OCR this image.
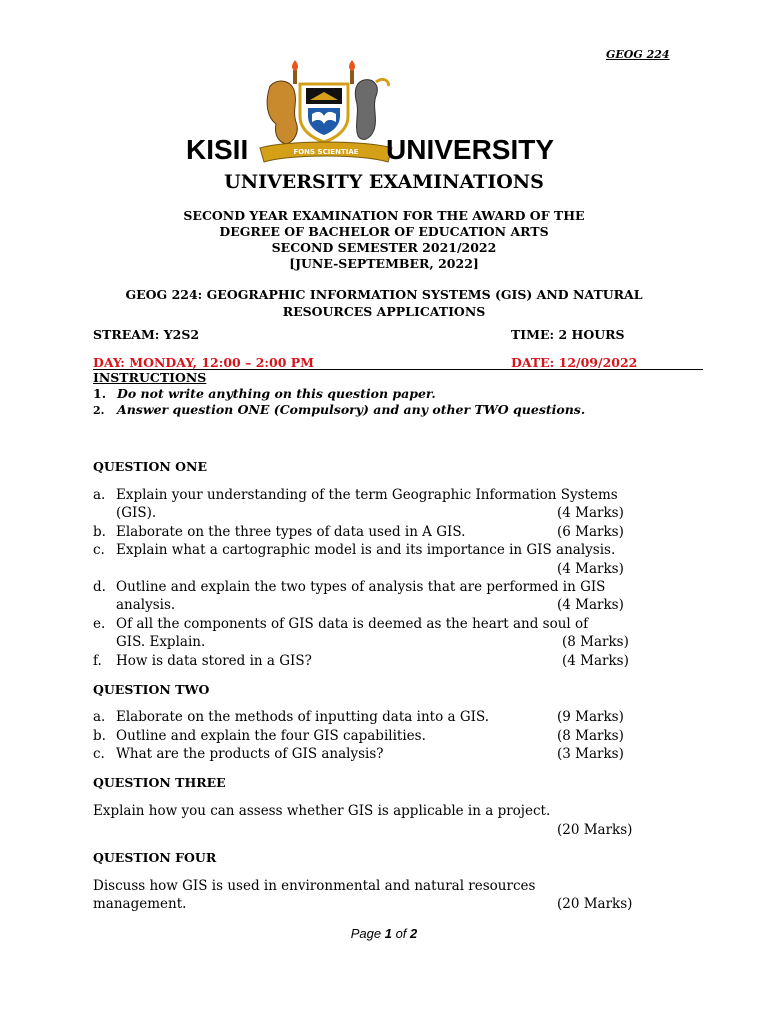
GEOG 224
FONS SCIENTIAE
KISII	UNIVERSITY
UNIVERSITY EXAMINATIONS
SECOND YEAR EXAMINATION FOR THE AWARD OF THE
DEGREE OF BACHELOR OF EDUCATION ARTS
SECOND SEMESTER 2021/2022
[JUNE-SEPTEMBER, 2022]
GEOG 224: GEOGRAPHIC INFORMATION SYSTEMS (GIS) AND NATURAL
RESOURCES APPLICATIONS
STREAM: Y2S2	TIME: 2 HOURS
DAY: MONDAY, 12:00 – 2:00 PM	DATE: 12/09/2022
INSTRUCTIONS
1. Do not write anything on this question paper.
2. Answer question ONE (Compulsory) and any other TWO questions.
QUESTION ONE
a. Explain your understanding of the term Geographic Information Systems
(GIS).	(4 Marks)
b. Elaborate on the three types of data used in A GIS.	(6 Marks)
c. Explain what a cartographic model is and its importance in GIS analysis.
(4 Marks)
d. Outline and explain the two types of analysis that are performed in GIS
analysis.	(4 Marks)
e. Of all the components of GIS data is deemed as the heart and soul of
GIS. Explain.	(8 Marks)
f. How is data stored in a GIS?	(4 Marks)
QUESTION TWO
a. Elaborate on the methods of inputting data into a GIS.	(9 Marks)
b. Outline and explain the four GIS capabilities.	(8 Marks)
c. What are the products of GIS analysis?	(3 Marks)
QUESTION THREE
Explain how you can assess whether GIS is applicable in a project.
(20 Marks)
QUESTION FOUR
Discuss how GIS is used in environmental and natural resources
management.	(20 Marks)
Page 1 of 2
